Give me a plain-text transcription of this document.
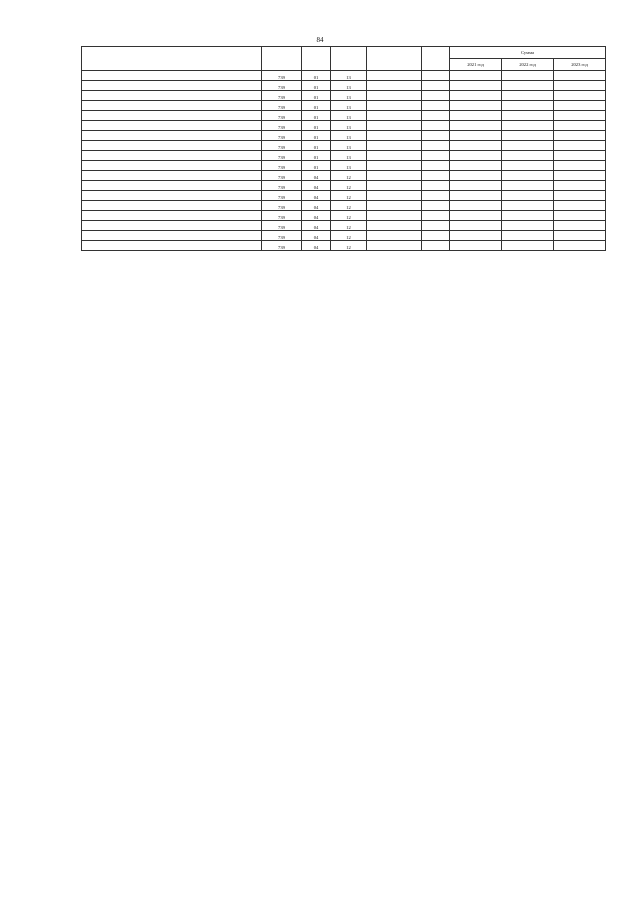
84
						Сумма		
						2021 год	2022 год	2023 год
	739	01	13					
	739	01	13					
	739	01	13					
	739	01	13					
	739	01	13					
	739	01	13					
	739	01	13					
	739	01	13					
	739	01	13					
	739	01	13					
	739	04	12					
	739	04	12					
	739	04	12					
	739	04	12					
	739	04	12					
	739	04	12					
	739	04	12					
	739	04	12					
